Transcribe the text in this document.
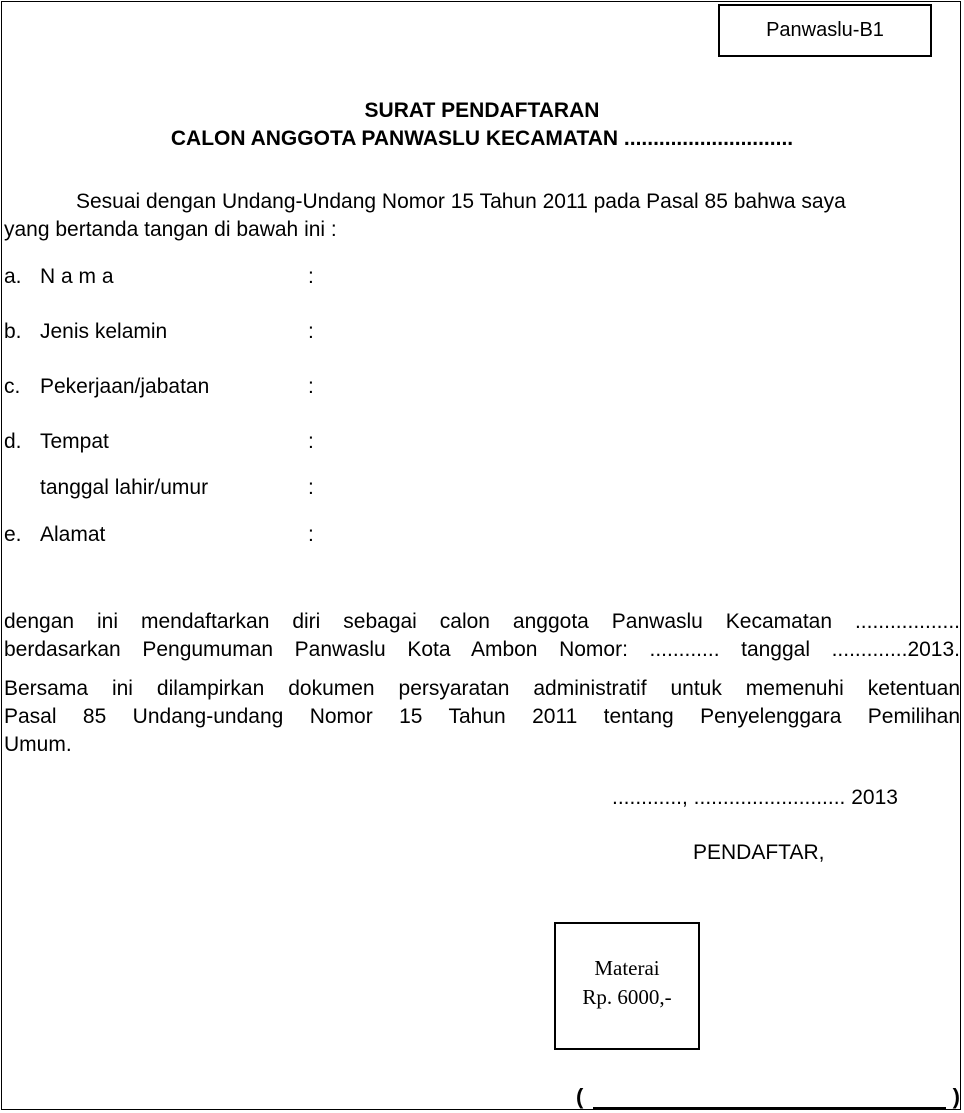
Panwaslu-B1
SURAT PENDAFTARAN
CALON ANGGOTA PANWASLU KECAMATAN .............................
Sesuai dengan Undang-Undang Nomor 15 Tahun 2011 pada Pasal 85 bahwa saya
yang bertanda tangan di bawah ini :
a. N a m a	:
b. Jenis kelamin	:
c. Pekerjaan/jabatan	:
d. Tempat	:
tanggal lahir/umur	:
e. Alamat	:
dengan ini mendaftarkan diri sebagai calon anggota Panwaslu Kecamatan ..................
berdasarkan Pengumuman Panwaslu Kota Ambon Nomor: ............ tanggal .............2013.
Bersama ini dilampirkan dokumen persyaratan administratif untuk memenuhi ketentuan
Pasal 85 Undang-undang Nomor 15 Tahun 2011 tentang Penyelenggara Pemilihan
Umum.
............, .......................... 2013
PENDAFTAR,
Materai
Rp. 6000,-
(	)
